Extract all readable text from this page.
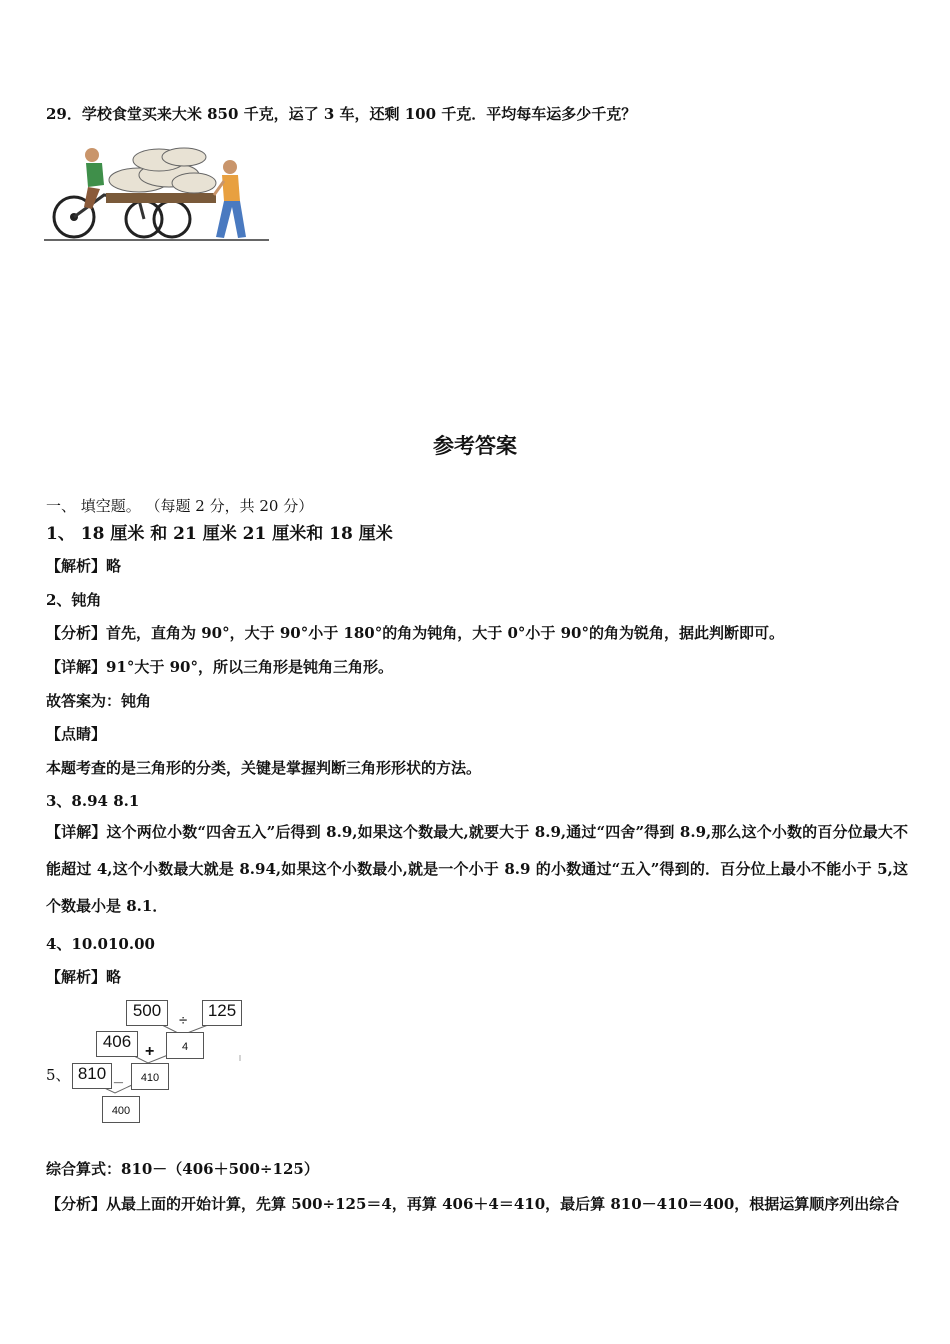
29．学校食堂买来大米 850 千克，运了 3 车，还剩 100 千克．平均每车运多少千克？
参考答案
一、 填空题。 （每题 2 分，共 20 分）
1、 18 厘米 和 21 厘米 21 厘米和 18 厘米
【解析】略
2、钝角
【分析】首先，直角为 90°，大于 90°小于 180°的角为钝角，大于 0°小于 90°的角为锐角，据此判断即可。
【详解】91°大于 90°，所以三角形是钝角三角形。
故答案为：钝角
【点睛】
本题考查的是三角形的分类，关键是掌握判断三角形形状的方法。
3、8.94 8.1
【详解】这个两位小数“四舍五入”后得到 8.9,如果这个数最大,就要大于 8.9,通过“四舍”得到 8.9,那么这个小数的百分位最大不能超过 4,这个小数最大就是 8.94,如果这个小数最小,就是一个小于 8.9 的小数通过“五入”得到的．百分位上最小不能小于 5,这个数最小是 8.1．
4、10.010.00
【解析】略
500
÷
125
406
+	4
5、 810 _	410
400
综合算式：810－（406＋500÷125）
【分析】从最上面的开始计算，先算 500÷125＝4，再算 406＋4＝410，最后算 810－410＝400，根据运算顺序列出综合
